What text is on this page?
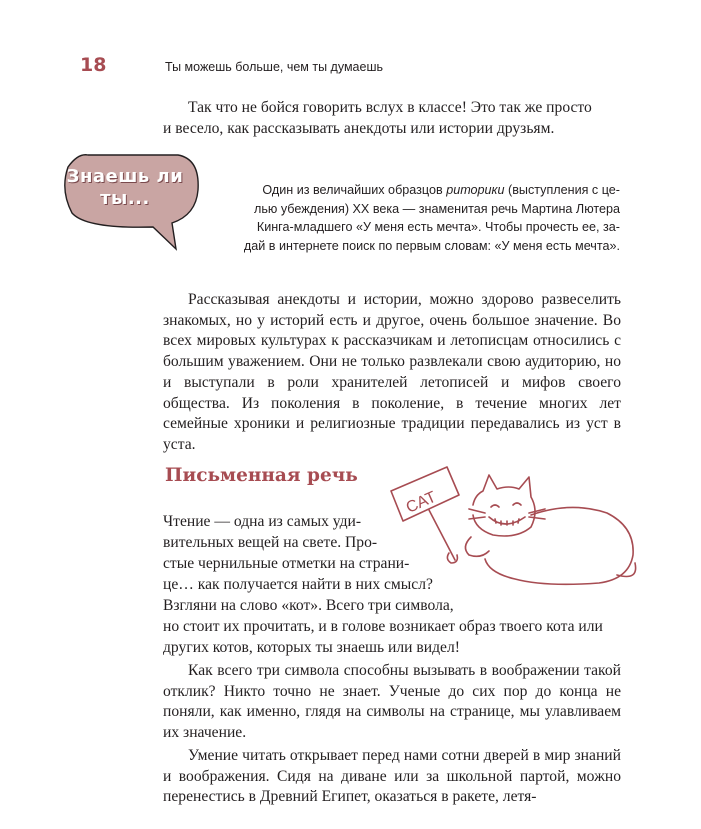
18	Ты можешь больше, чем ты думаешь

Так что не бойся говорить вслух в классе! Это так же просто

и весело, как рассказывать анекдоты или истории друзьям.

Знаешь ли
ты...	Один из величайших образцов риторики (выступления с це-

лью убеждения) XX века — знаменитая речь Мартина Лютера

Кинга-младшего «У меня есть мечта». Чтобы прочесть ее, за-

дай в интернете поиск по первым словам: «У меня есть мечта».

Рассказывая анекдоты и истории, можно здорово развеселить знакомых, но у историй есть и другое, очень большое значение. Во всех мировых культурах к рассказчикам и летописцам относились с большим уважением. Они не только развлекали свою аудиторию, но и выступали в роли хранителей летописей и мифов своего общества. Из поколения в поколение, в течение многих лет семейные хроники и религиозные традиции передавались из уст в уста.

Письменная речь
CAT
Чтение — одна из самых уди-
вительных вещей на свете. Про-
стые чернильные отметки на страни-
це… как получается найти в них смысл?
Взгляни на слово «кот». Всего три символа,
но стоит их прочитать, и в голове возникает образ твоего кота или
других котов, которых ты знаешь или видел!

Как всего три символа способны вызывать в воображении такой отклик? Никто точно не знает. Ученые до сих пор до конца не поняли, как именно, глядя на символы на странице, мы улавливаем их значение.

Умение читать открывает перед нами сотни дверей в мир знаний и воображения. Сидя на диване или за школьной партой, можно перенестись в Древний Египет, оказаться в ракете, летя-
